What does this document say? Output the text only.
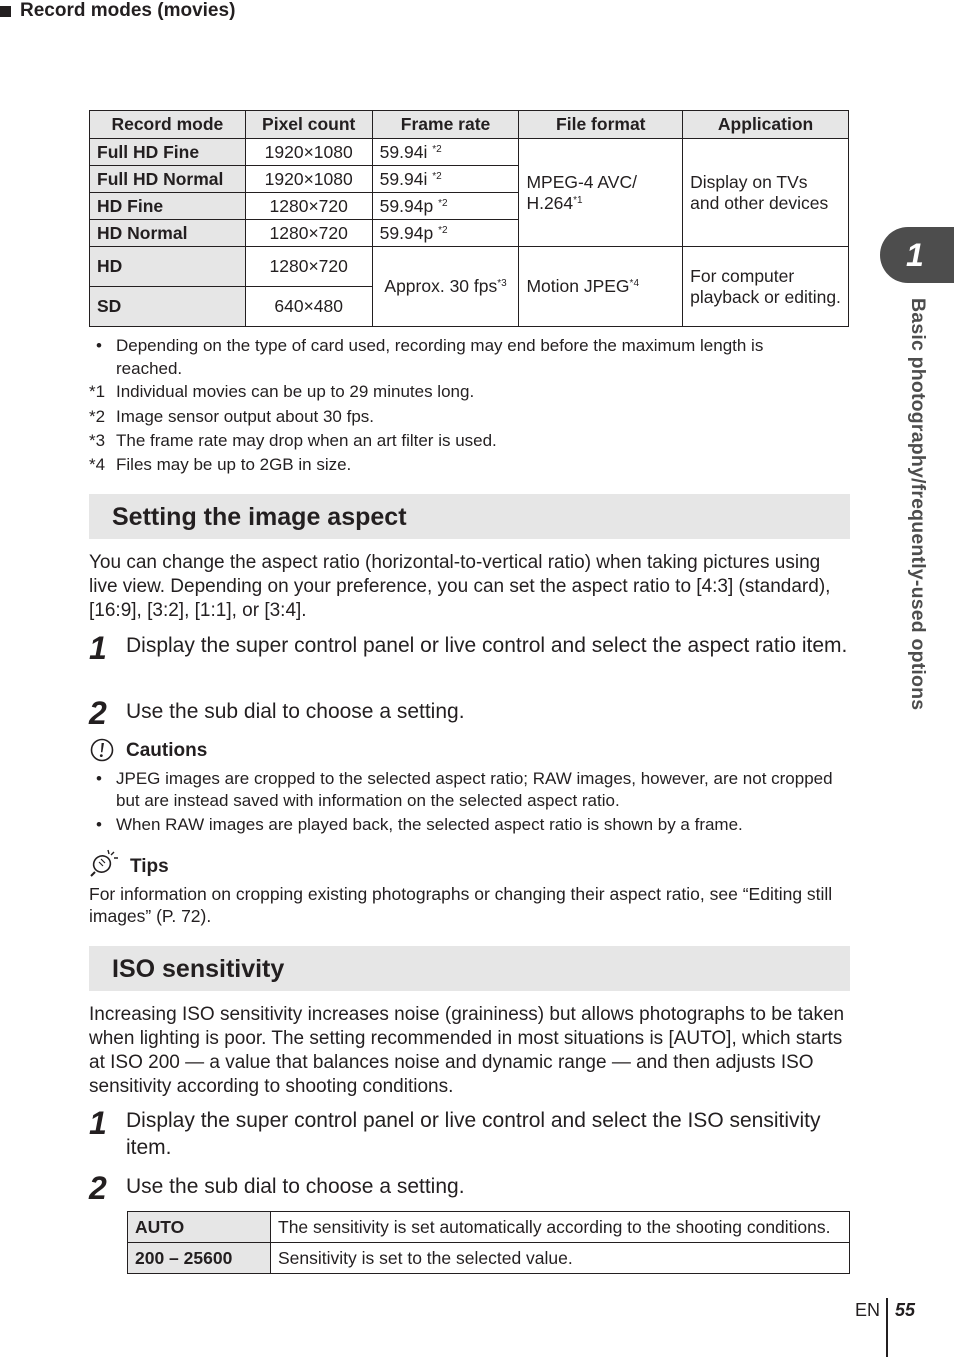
Record modes (movies)
Record mode	Pixel count	Frame rate	File format	Application
Full HD Fine	1920×1080	59.94i $^{*2}$	MPEG-4 AVC/ H.264$^{*1}$	Display on TVs and other devices
Full HD Normal	1920×1080	59.94i $^{*2}$
HD Fine	1280×720	59.94p $^{*2}$
HD Normal	1280×720	59.94p $^{*2}$
HD	1280×720	Approx. 30 fps$^{*3}$	Motion JPEG$^{*4}$	For computer playback or editing.
SD	640×480			
• Depending on the type of card used, recording may end before the maximum length is reached.
*1 Individual movies can be up to 29 minutes long.
*2 Image sensor output about 30 fps.
*3 The frame rate may drop when an art filter is used.
*4 Files may be up to 2GB in size.
Setting the image aspect
You can change the aspect ratio (horizontal-to-vertical ratio) when taking pictures using live view. Depending on your preference, you can set the aspect ratio to [4:3] (standard), [16:9], [3:2], [1:1], or [3:4].
1 Display the super control panel or live control and select the aspect ratio item.
2 Use the sub dial to choose a setting.
Cautions
• JPEG images are cropped to the selected aspect ratio; RAW images, however, are not cropped but are instead saved with information on the selected aspect ratio.
• When RAW images are played back, the selected aspect ratio is shown by a frame.
Tips
For information on cropping existing photographs or changing their aspect ratio, see “Editing still images” (P. 72).
ISO sensitivity
Increasing ISO sensitivity increases noise (graininess) but allows photographs to be taken when lighting is poor. The setting recommended in most situations is [AUTO], which starts at ISO 200 — a value that balances noise and dynamic range — and then adjusts ISO sensitivity according to shooting conditions.
1 Display the super control panel or live control and select the ISO sensitivity item.
2 Use the sub dial to choose a setting.
AUTO	The sensitivity is set automatically according to the shooting conditions.
200 – 25600	Sensitivity is set to the selected value.
1
Basic photography/frequently-used options
EN 55
